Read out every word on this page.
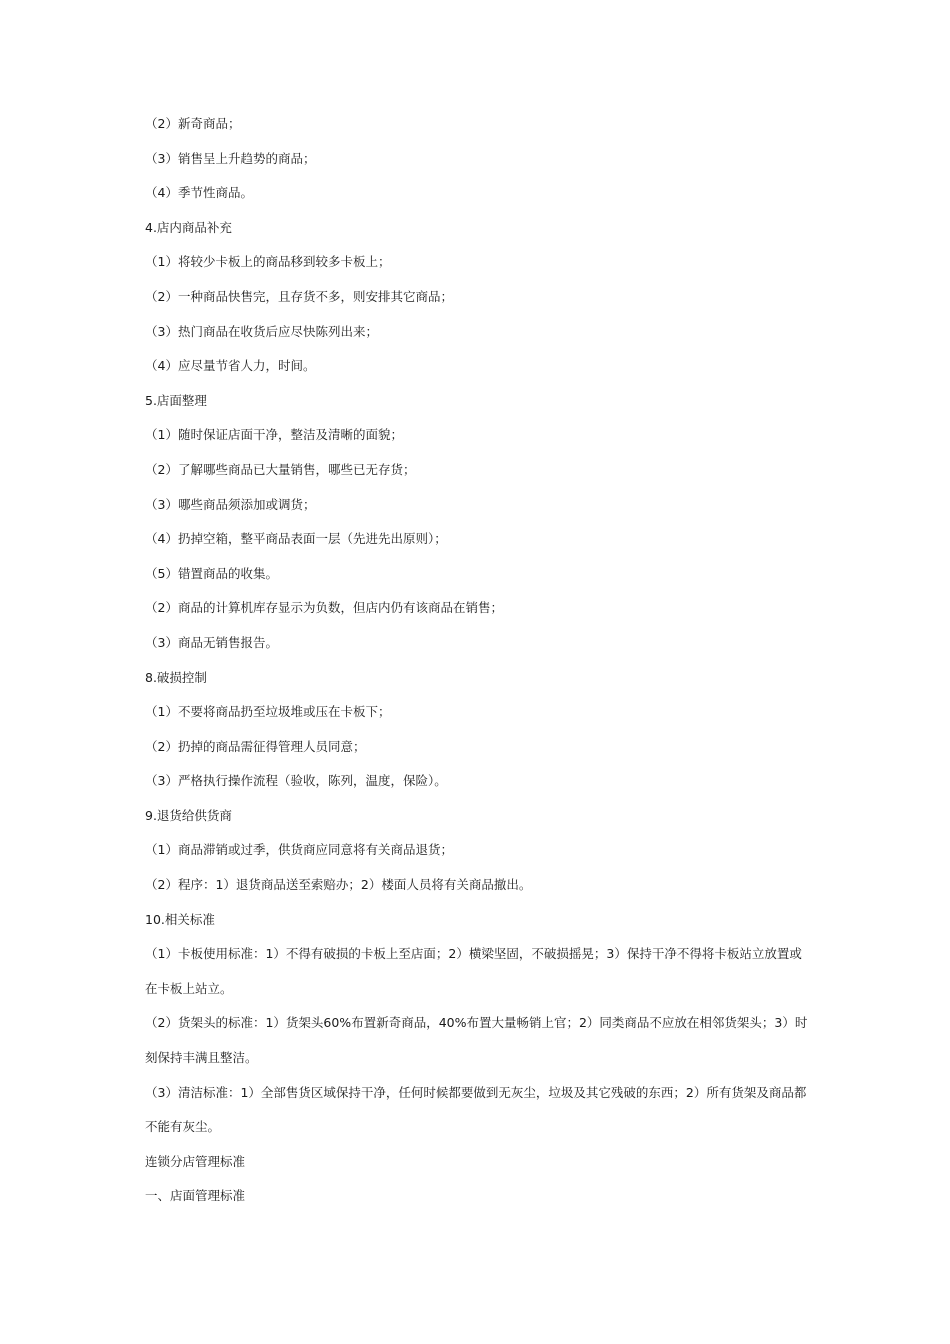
（2）新奇商品；
（3）销售呈上升趋势的商品；
（4）季节性商品。
4.店内商品补充
（1）将较少卡板上的商品移到较多卡板上；
（2）一种商品快售完，且存货不多，则安排其它商品；
（3）热门商品在收货后应尽快陈列出来；
（4）应尽量节省人力，时间。
5.店面整理
（1）随时保证店面干净，整洁及清晰的面貌；
（2）了解哪些商品已大量销售，哪些已无存货；
（3）哪些商品须添加或调货；
（4）扔掉空箱，整平商品表面一层（先进先出原则）；
（5）错置商品的收集。
（2）商品的计算机库存显示为负数，但店内仍有该商品在销售；
（3）商品无销售报告。
8.破损控制
（1）不要将商品扔至垃圾堆或压在卡板下；
（2）扔掉的商品需征得管理人员同意；
（3）严格执行操作流程（验收，陈列，温度，保险）。
9.退货给供货商
（1）商品滞销或过季，供货商应同意将有关商品退货；
（2）程序：1）退货商品送至索赔办；2）楼面人员将有关商品撤出。
10.相关标准

（1）卡板使用标准：1）不得有破损的卡板上至店面；2）横梁坚固，不破损摇晃；3）保持干净不得将卡板站立放置或在卡板上站立。

（2）货架头的标准：1）货架头60%布置新奇商品，40%布置大量畅销上官；2）同类商品不应放在相邻货架头；3）时刻保持丰满且整洁。

（3）清洁标准：1）全部售货区域保持干净，任何时候都要做到无灰尘，垃圾及其它残破的东西；2）所有货架及商品都不能有灰尘。

连锁分店管理标准
一、店面管理标准
